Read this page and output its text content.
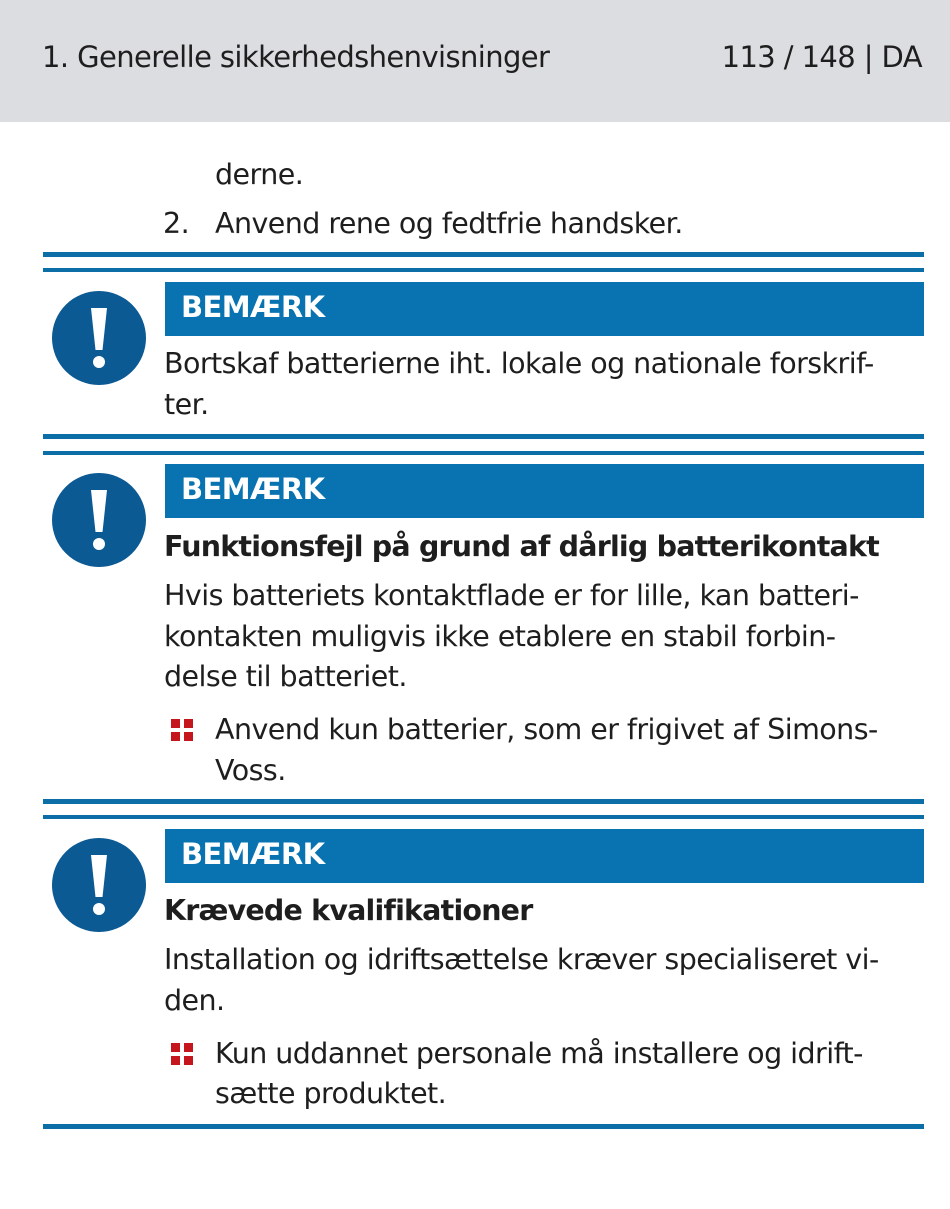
1. Generelle sikkerhedshenvisninger	113 / 148 | DA
derne.
2. Anvend rene og fedtfrie handsker.
BEMÆRK
Bortskaf batterierne iht. lokale og nationale forskrif-
ter.
BEMÆRK
Funktionsfejl på grund af dårlig batterikontakt
Hvis batteriets kontaktflade er for lille, kan batteri-
kontakten muligvis ikke etablere en stabil forbin-
delse til batteriet.
Anvend kun batterier, som er frigivet af Simons-
Voss.
BEMÆRK
Krævede kvalifikationer
Installation og idriftsættelse kræver specialiseret vi-
den.
Kun uddannet personale må installere og idrift-
sætte produktet.
